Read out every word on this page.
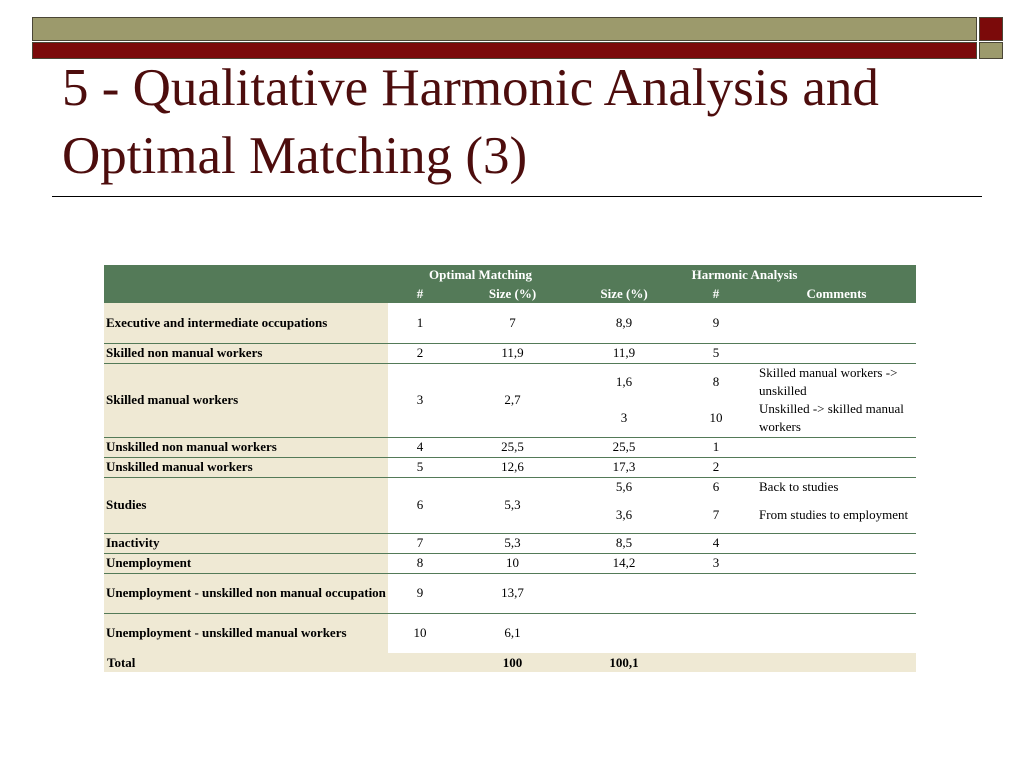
5 - Qualitative Harmonic Analysis and
Optimal Matching (3)
	Optimal Matching		Harmonic Analysis		
	#	Size (%)	Size (%)	#	Comments
Executive and intermediate occupations	1	7	8,9	9	
Skilled non manual workers	2	11,9	11,9	5	
Skilled manual workers	3	2,7	1,6	8	Skilled manual workers -> unskilled
			3	10	Unskilled -> skilled manual workers
Unskilled non manual workers	4	25,5	25,5	1	
Unskilled manual workers	5	12,6	17,3	2	
Studies	6	5,3	5,6	6	Back to studies
			3,6	7	From studies to employment
Inactivity	7	5,3	8,5	4	
Unemployment	8	10	14,2	3	
Unemployment - unskilled non manual occupation	9	13,7			
Unemployment - unskilled manual workers	10	6,1			
Total		100	100,1		
